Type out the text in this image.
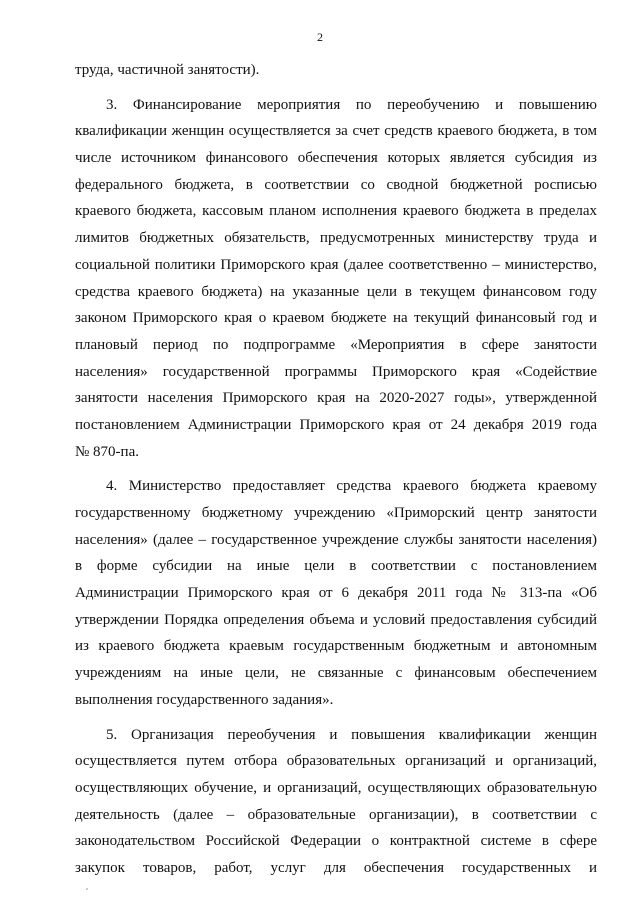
2
труда, частичной занятости).
3. Финансирование мероприятия по переобучению и повышению
квалификации женщин осуществляется за счет средств краевого бюджета, в том
числе источником финансового обеспечения которых является субсидия из
федерального бюджета, в соответствии со сводной бюджетной росписью
краевого бюджета, кассовым планом исполнения краевого бюджета в пределах
лимитов бюджетных обязательств, предусмотренных министерству труда и
социальной политики Приморского края (далее соответственно – министерство,
средства краевого бюджета) на указанные цели в текущем финансовом году
законом Приморского края о краевом бюджете на текущий финансовый год и
плановый период по подпрограмме «Мероприятия в сфере занятости
населения» государственной программы Приморского края «Содействие
занятости населения Приморского края на 2020-2027 годы», утвержденной
постановлением Администрации Приморского края от 24 декабря 2019 года
№ 870-па.
4. Министерство предоставляет средства краевого бюджета краевому
государственному бюджетному учреждению «Приморский центр занятости
населения» (далее – государственное учреждение службы занятости населения)
в форме субсидии на иные цели в соответствии с постановлением
Администрации Приморского края от 6 декабря 2011 года № 313-па «Об
утверждении Порядка определения объема и условий предоставления субсидий
из краевого бюджета краевым государственным бюджетным и автономным
учреждениям на иные цели, не связанные с финансовым обеспечением
выполнения государственного задания».
5. Организация переобучения и повышения квалификации женщин
осуществляется путем отбора образовательных организаций и организаций,
осуществляющих обучение, и организаций, осуществляющих образовательную
деятельность (далее – образовательные организации), в соответствии с
законодательством Российской Федерации о контрактной системе в сфере
закупок товаров, работ, услуг для обеспечения государственных и
